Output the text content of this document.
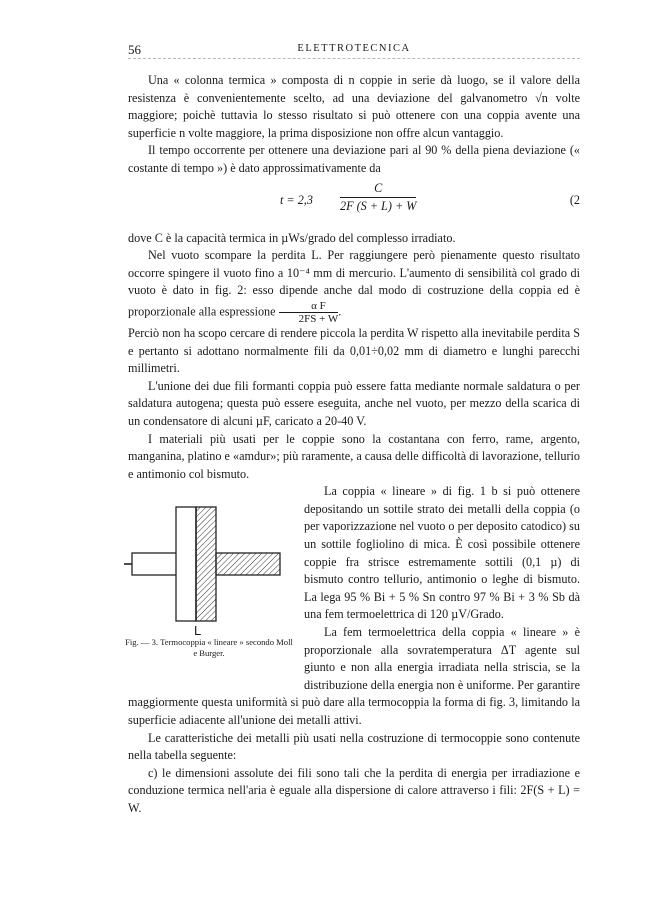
56	ELETTROTECNICA

Una « colonna termica » composta di n coppie in serie dà luogo, se il valore della resistenza è convenientemente scelto, ad una deviazione del galvanometro √n volte maggiore; poichè tuttavia lo stesso risultato si può ottenere con una coppia avente una superficie n volte maggiore, la prima disposizione non offre alcun vantaggio.

Il tempo occorrente per ottenere una deviazione pari al 90 % della piena deviazione (« costante di tempo ») è dato approssimativamente da

$t = 2,3 \frac{C}{2F (S + L) + W}$	(2

dove C è la capacità termica in µWs/grado del complesso irradiato.

Nel vuoto scompare la perdita L. Per raggiungere però pienamente questo risultato occorre spingere il vuoto fino a 10⁻⁴ mm di mercurio. L'aumento di sensibilità col grado di vuoto è dato in fig. 2: esso dipende anche dal modo di costruzione della coppia ed è proporzionale alla espressione $\frac{\text{α F}}{2FS + W}$ .

Perciò non ha scopo cercare di rendere piccola la perdita W rispetto alla inevitabile perdita S e pertanto si adottano normalmente fili da 0,01÷0,02 mm di diametro e lunghi parecchi millimetri.

L'unione dei due fili formanti coppia può essere fatta mediante normale saldatura o per saldatura autogena; questa può essere eseguita, anche nel vuoto, per mezzo della scarica di un condensatore di alcuni µF, caricato a 20-40 V.

I materiali più usati per le coppie sono la costantana con ferro, rame, argento, manganina, platino e «amdur»; più raramente, a causa delle difficoltà di lavorazione, tellurio e antimonio col bismuto.

L
Fig. — 3. Termocoppia « lineare » secondo Moll e Burger.

La coppia « lineare » di fig. 1 b si può ottenere depositando un sottile strato dei metalli della coppia (o per vaporizzazione nel vuoto o per deposito catodico) su un sottile fogliolino di mica. È così possibile ottenere coppie fra strisce estremamente sottili (0,1 µ) di bismuto contro tellurio, antimonio o leghe di bismuto. La lega 95 % Bi + 5 % Sn contro 97 % Bi + 3 % Sb dà una fem termoelettrica di 120 µV/Grado.

La fem termoelettrica della coppia « lineare » è proporzionale alla sovratemperatura ΔT agente sul giunto e non alla energia irradiata nella striscia, se la distribuzione della energia non è uniforme. Per garantire maggiormente questa uniformità si può dare alla termocoppia la forma di fig. 3, limitando la superficie adiacente all'unione dei metalli attivi.

Le caratteristiche dei metalli più usati nella costruzione di termocoppie sono contenute nella tabella seguente:

c) le dimensioni assolute dei fili sono tali che la perdita di energia per irradiazione e conduzione termica nell'aria è eguale alla dispersione di calore attraverso i fili: 2F(S + L) = W.
